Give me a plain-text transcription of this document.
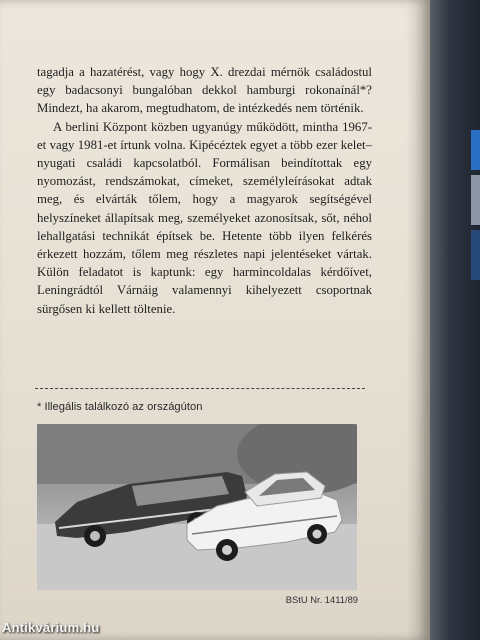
tagadja a hazatérést, vagy hogy X. drezdai mérnök családostul egy badacsonyi bungalóban dekkol hamburgi rokonaínál*? Mindezt, ha akarom, megtudhatom, de intézkedés nem történik.

A berlini Központ közben ugyanúgy működött, mintha 1967-et vagy 1981-et írtunk volna. Kipécéztek egyet a több ezer kelet–nyugati családi kapcsolatból. Formálisan beindítottak egy nyomozást, rendszámokat, címeket, személyleírásokat adtak meg, és elvárták tőlem, hogy a magyarok segítségével helyszíneket állapítsak meg, személyeket azonosítsak, sőt, néhol lehallgatási technikát építsek be. Hetente több ilyen felkérés érkezett hozzám, tőlem meg részletes napi jelentéseket vártak. Külön feladatot is kaptunk: egy harmincoldalas kérdőívet, Leningrádtól Várnáig valamennyi kihelyezett csoportnak sürgősen ki kellett töltenie.

* Illegális találkozó az országúton
BStU Nr. 1411/89
Antikvárium.hu
